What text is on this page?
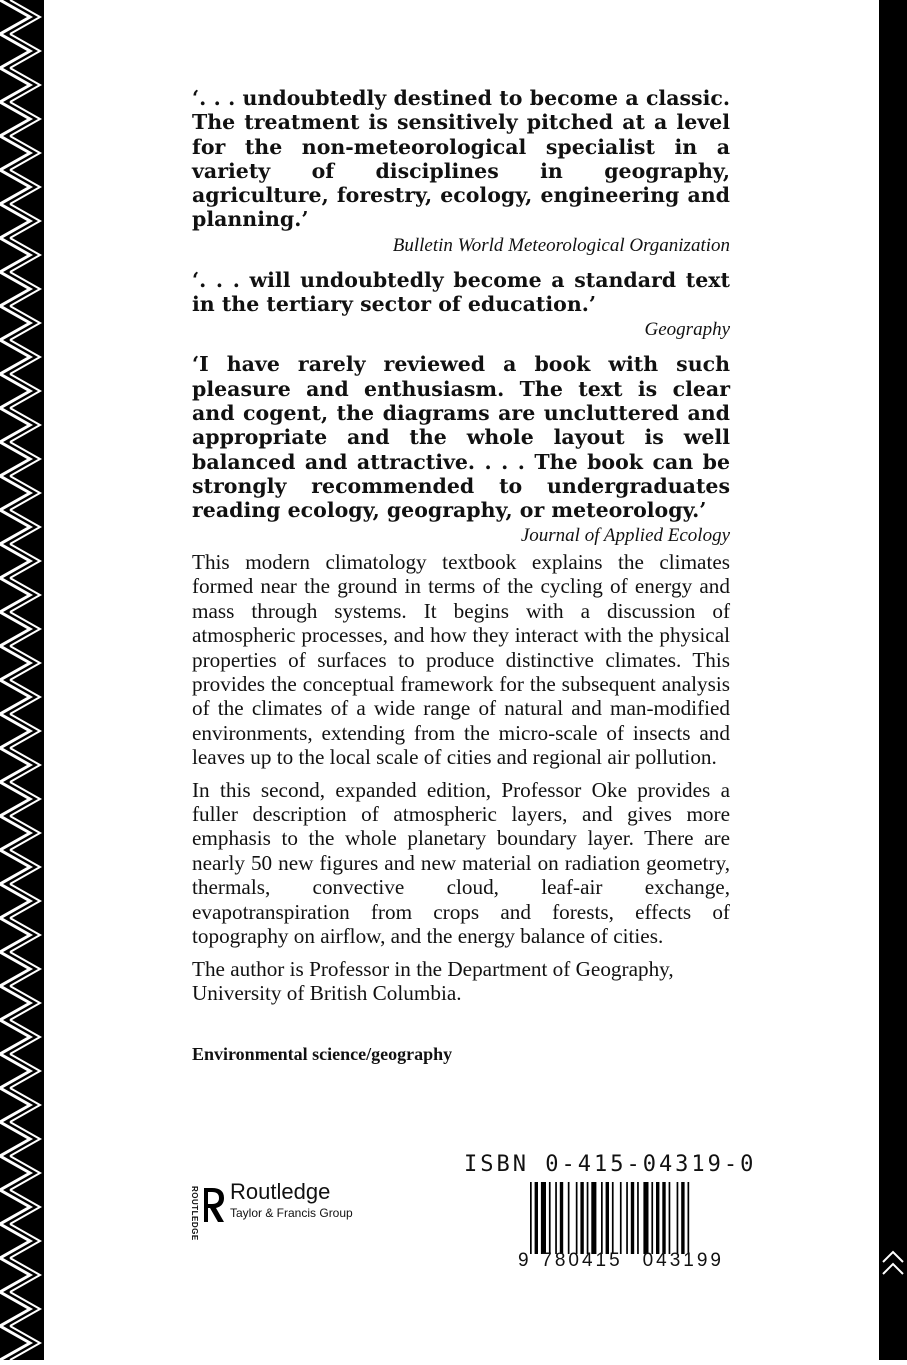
‘. . . undoubtedly destined to become a classic. The treatment is sensitively pitched at a level for the non-meteorological specialist in a variety of disciplines in geography, agriculture, forestry, ecology, engineering and planning.’

Bulletin World Meteorological Organization

‘. . . will undoubtedly become a standard text in the tertiary sector of education.’

Geography

‘I have rarely reviewed a book with such pleasure and enthusiasm. The text is clear and cogent, the diagrams are uncluttered and appropriate and the whole layout is well balanced and attractive. . . . The book can be strongly recommended to undergraduates reading ecology, geography, or meteorology.’

Journal of Applied Ecology

This modern climatology textbook explains the climates formed near the ground in terms of the cycling of energy and mass through systems. It begins with a discussion of atmospheric processes, and how they interact with the physical properties of surfaces to produce distinctive climates. This provides the conceptual framework for the subsequent analysis of the climates of a wide range of natural and man-modified environments, extending from the micro-scale of insects and leaves up to the local scale of cities and regional air pollution.

In this second, expanded edition, Professor Oke provides a fuller description of atmospheric layers, and gives more emphasis to the whole planetary boundary layer. There are nearly 50 new figures and new material on radiation geometry, thermals, convective cloud, leaf-air exchange, evapotranspiration from crops and forests, effects of topography on airflow, and the energy balance of cities.

The author is Professor in the Department of Geography, University of British Columbia.

Environmental science/geography
ROUTLEDGE Routledge
Taylor & Francis Group
ISBN 0-415-04319-0
9 780415 043199
